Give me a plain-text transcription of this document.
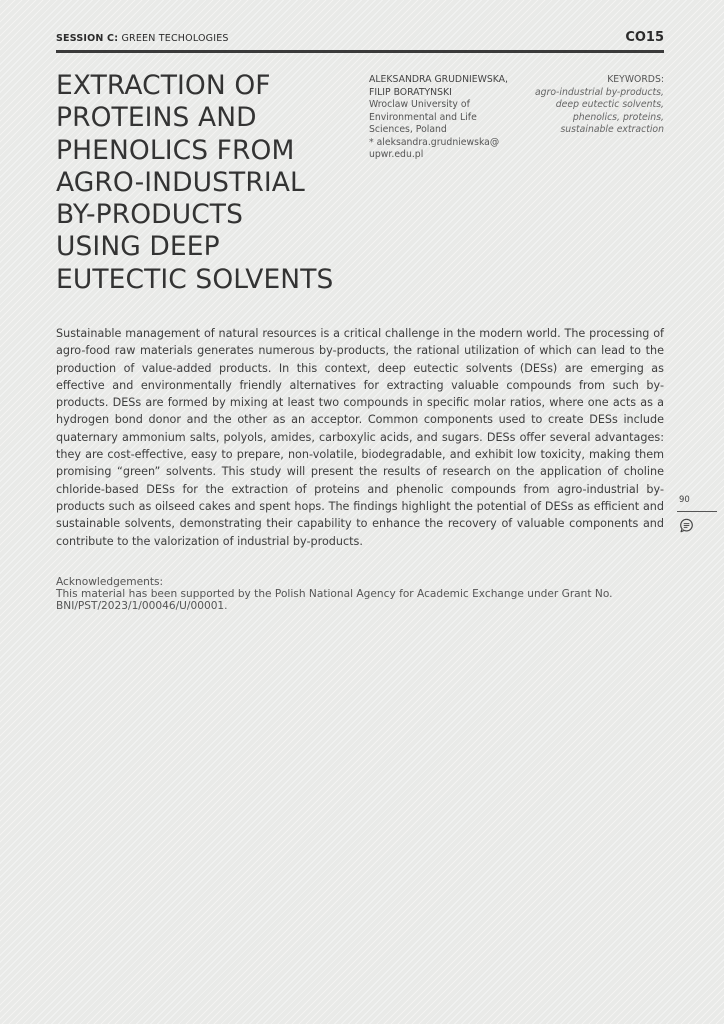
SESSION C: GREEN TECHOLOGIES	CO15
EXTRACTION OF
PROTEINS AND
PHENOLICS FROM
AGRO-INDUSTRIAL
BY-PRODUCTS
USING DEEP
EUTECTIC SOLVENTS
ALEKSANDRA GRUDNIEWSKA,
FILIP BORATYNSKI
Wroclaw University of
Environmental and Life
Sciences, Poland
* aleksandra.grudniewska@
upwr.edu.pl
KEYWORDS:
agro-industrial by-products,
deep eutectic solvents,
phenolics, proteins,
sustainable extraction
Sustainable management of natural resources is a critical challenge in the modern world. The processing of agro-food raw materials generates numerous by-products, the rational utilization of which can lead to the production of value-added products. In this context, deep eutectic solvents (DESs) are emerging as effective and environmentally friendly alternatives for extracting valuable compounds from such by-products. DESs are formed by mixing at least two compounds in specific molar ratios, where one acts as a hydrogen bond donor and the other as an acceptor. Common components used to create DESs include quaternary ammonium salts, polyols, amides, carboxylic acids, and sugars. DESs offer several advantages: they are cost-effective, easy to prepare, non-volatile, biodegradable, and exhibit low toxicity, making them promising “green” solvents. This study will present the results of research on the application of choline chloride-based DESs for the extraction of proteins and phenolic compounds from agro-industrial by-products such as oilseed cakes and spent hops. The findings highlight the potential of DESs as efficient and sustainable solvents, demonstrating their capability to enhance the recovery of valuable components and contribute to the valorization of industrial by-products.
Acknowledgements:
This material has been supported by the Polish National Agency for Academic Exchange under Grant No. BNI/PST/2023/1/00046/U/00001.
90
